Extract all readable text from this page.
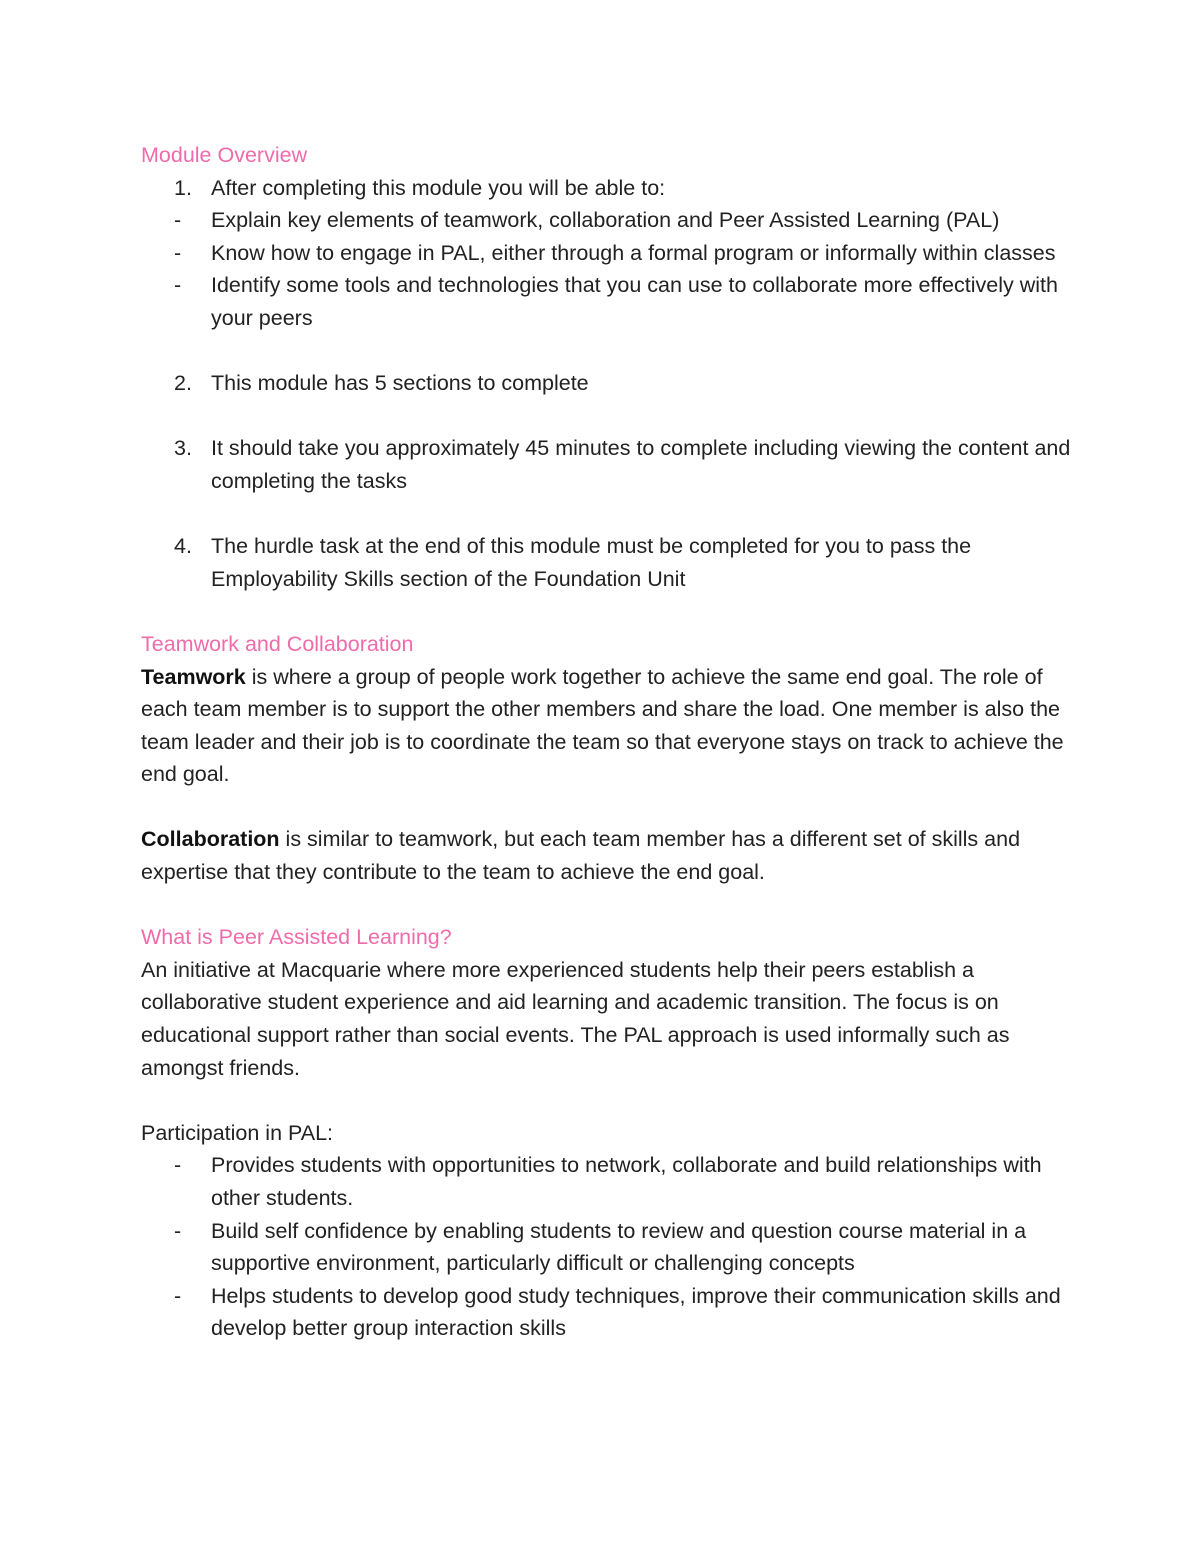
Module Overview

1. After completing this module you will be able to:
-	Explain key elements of teamwork, collaboration and Peer Assisted Learning (PAL)
-	Know how to engage in PAL, either through a formal program or informally within classes
-	Identify some tools and technologies that you can use to collaborate more effectively with your peers
2. This module has 5 sections to complete
3. It should take you approximately 45 minutes to complete including viewing the content and completing the tasks
4. The hurdle task at the end of this module must be completed for you to pass the Employability Skills section of the Foundation Unit

Teamwork and Collaboration

Teamwork is where a group of people work together to achieve the same end goal. The role of each team member is to support the other members and share the load. One member is also the team leader and their job is to coordinate the team so that everyone stays on track to achieve the end goal.

Collaboration is similar to teamwork, but each team member has a different set of skills and expertise that they contribute to the team to achieve the end goal.

What is Peer Assisted Learning?

An initiative at Macquarie where more experienced students help their peers establish a collaborative student experience and aid learning and academic transition. The focus is on educational support rather than social events. The PAL approach is used informally such as amongst friends.

Participation in PAL:

-	Provides students with opportunities to network, collaborate and build relationships with other students.
-	Build self confidence by enabling students to review and question course material in a supportive environment, particularly difficult or challenging concepts
-	Helps students to develop good study techniques, improve their communication skills and develop better group interaction skills
